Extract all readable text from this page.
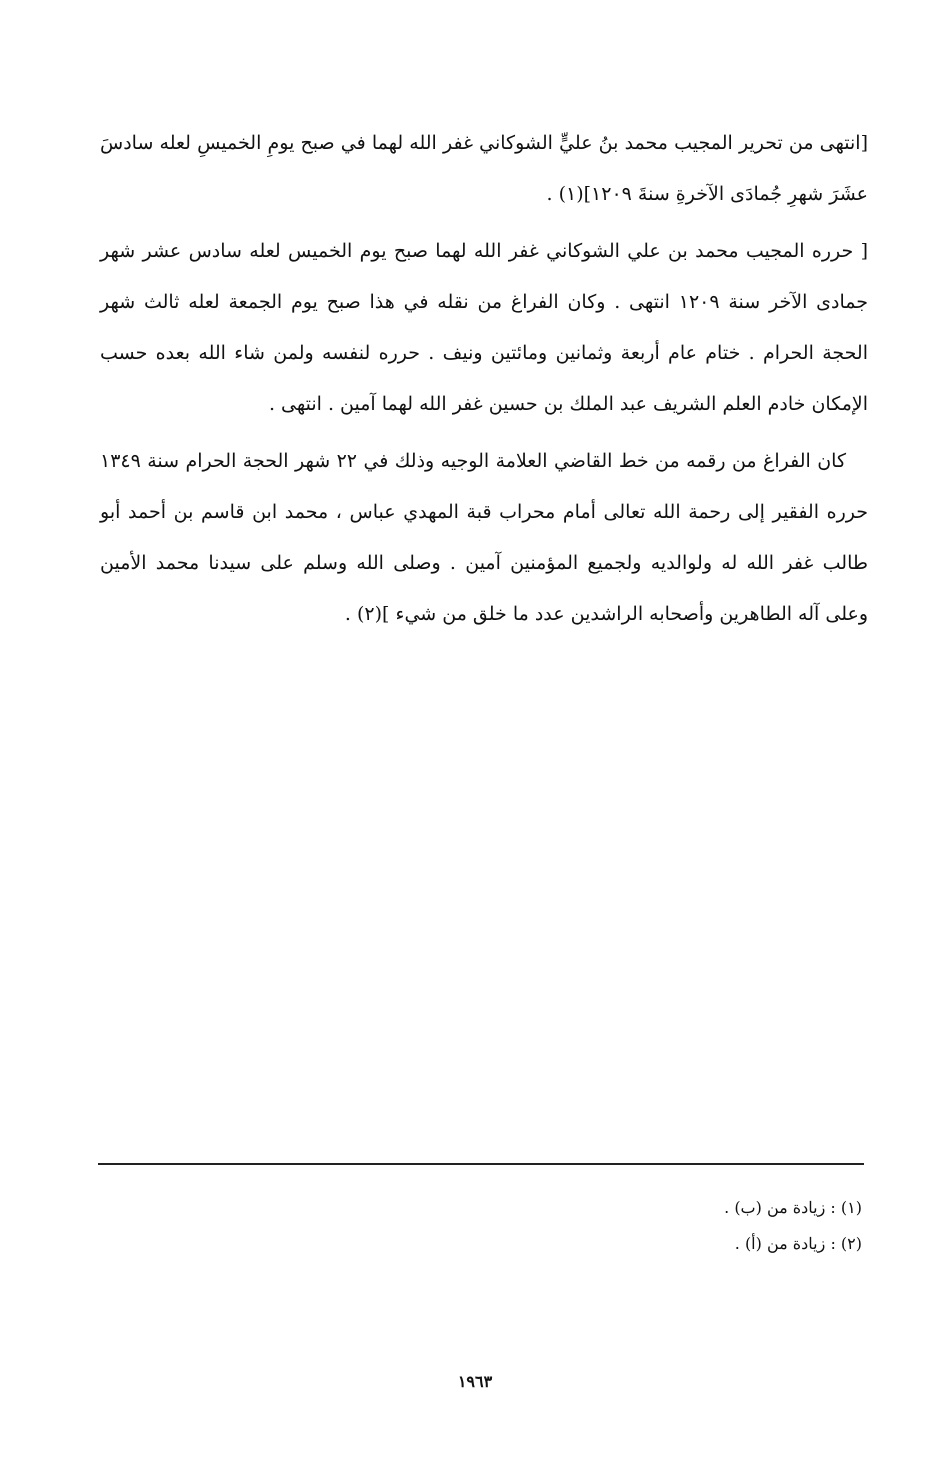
[انتهى من تحرير المجيب محمد بنُ عليٍّ الشوكاني غفر الله لهما في صبح يومِ الخميسِ لعله سادسَ عشَرَ شهرِ جُمادَى الآخرةِ سنةَ ١٢٠٩](١) .

[ حرره المجيب محمد بن علي الشوكاني غفر الله لهما صبح يوم الخميس لعله سادس عشر شهر جمادى الآخر سنة ١٢٠٩ انتهى . وكان الفراغ من نقله في هذا صبح يوم الجمعة لعله ثالث شهر الحجة الحرام . ختام عام أربعة وثمانين ومائتين ونيف . حرره لنفسه ولمن شاء الله بعده حسب الإمكان خادم العلم الشريف عبد الملك بن حسين غفر الله لهما آمين . انتهى .

كان الفراغ من رقمه من خط القاضي العلامة الوجيه وذلك في ٢٢ شهر الحجة الحرام سنة ١٣٤٩ حرره الفقير إلى رحمة الله تعالى أمام محراب قبة المهدي عباس ، محمد ابن قاسم بن أحمد أبو طالب غفر الله له ولوالديه ولجميع المؤمنين آمين . وصلى الله وسلم على سيدنا محمد الأمين وعلى آله الطاهرين وأصحابه الراشدين عدد ما خلق من شيء ](٢) .

(١) : زيادة من (ب) .

(٢) : زيادة من (أ) .

١٩٦٣
